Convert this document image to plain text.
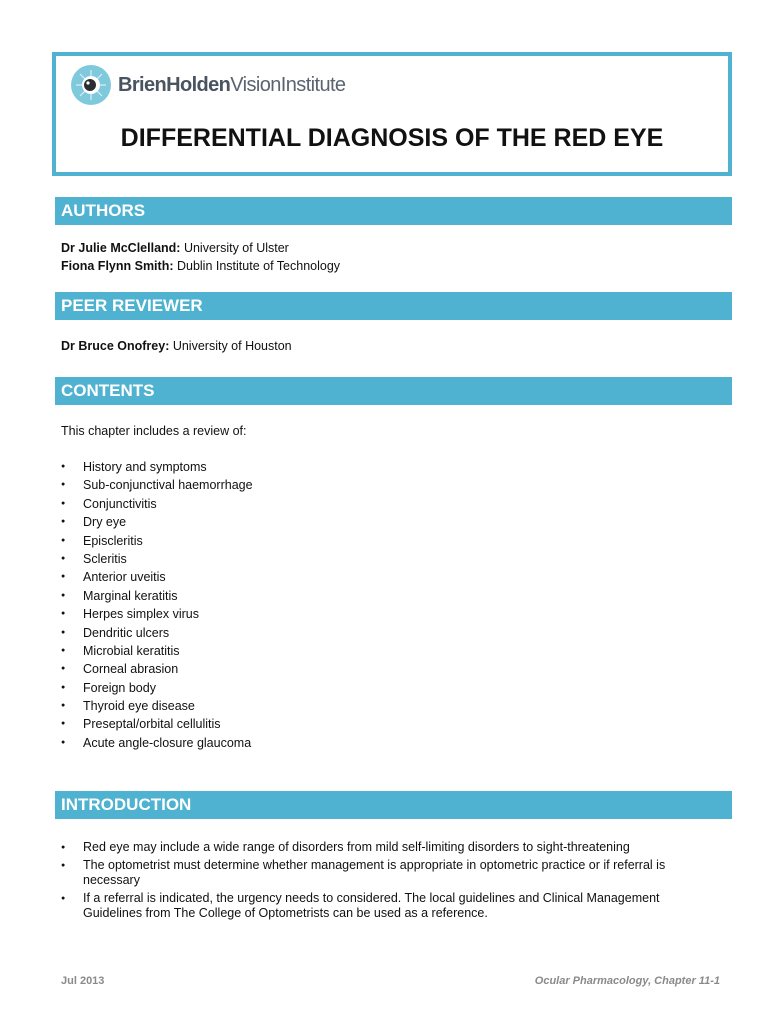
BrienHoldenVisionInstitute
DIFFERENTIAL DIAGNOSIS OF THE RED EYE
AUTHORS
Dr Julie McClelland: University of Ulster
Fiona Flynn Smith: Dublin Institute of Technology
PEER REVIEWER
Dr Bruce Onofrey: University of Houston
CONTENTS
This chapter includes a review of:
● History and symptoms
● Sub-conjunctival haemorrhage
● Conjunctivitis
● Dry eye
● Episcleritis
● Scleritis
● Anterior uveitis
● Marginal keratitis
● Herpes simplex virus
● Dendritic ulcers
● Microbial keratitis
● Corneal abrasion
● Foreign body
● Thyroid eye disease
● Preseptal/orbital cellulitis
● Acute angle-closure glaucoma
INTRODUCTION
● Red eye may include a wide range of disorders from mild self-limiting disorders to sight-threatening
● The optometrist must determine whether management is appropriate in optometric practice or if referral is necessary
● If a referral is indicated, the urgency needs to considered. The local guidelines and Clinical Management Guidelines from The College of Optometrists can be used as a reference.
Jul 2013	Ocular Pharmacology, Chapter 11-1
